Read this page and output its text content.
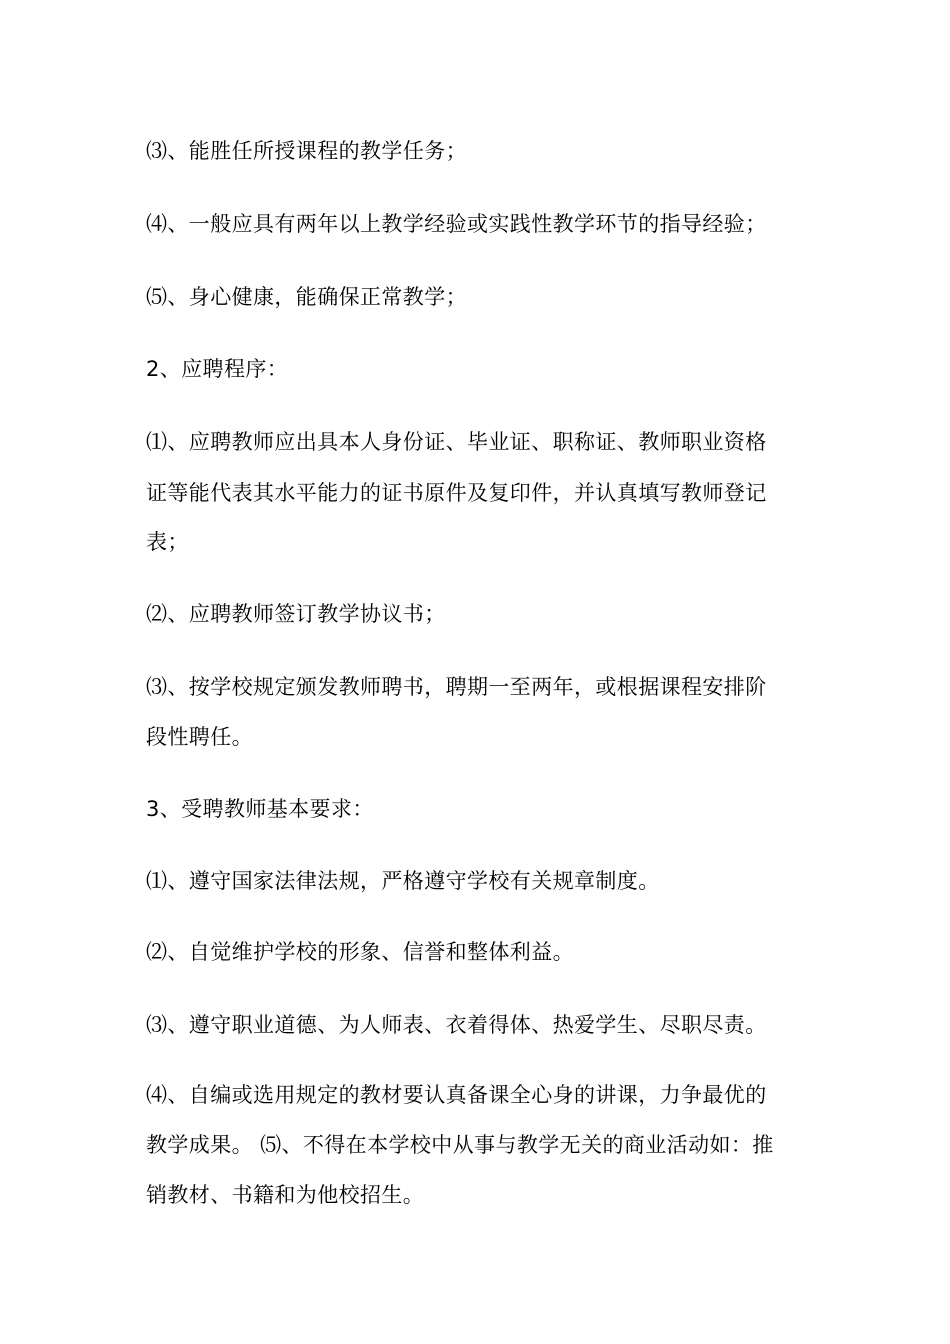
⑶、能胜任所授课程的教学任务；
⑷、一般应具有两年以上教学经验或实践性教学环节的指导经验；
⑸、身心健康，能确保正常教学；
2、应聘程序：
⑴、应聘教师应出具本人身份证、毕业证、职称证、教师职业资格
证等能代表其水平能力的证书原件及复印件，并认真填写教师登记
表；
⑵、应聘教师签订教学协议书；
⑶、按学校规定颁发教师聘书，聘期一至两年，或根据课程安排阶
段性聘任。
3、受聘教师基本要求：
⑴、遵守国家法律法规，严格遵守学校有关规章制度。
⑵、自觉维护学校的形象、信誉和整体利益。
⑶、遵守职业道德、为人师表、衣着得体、热爱学生、尽职尽责。
⑷、自编或选用规定的教材要认真备课全心身的讲课，力争最优的
教学成果。 ⑸、不得在本学校中从事与教学无关的商业活动如：推
销教材、书籍和为他校招生。
